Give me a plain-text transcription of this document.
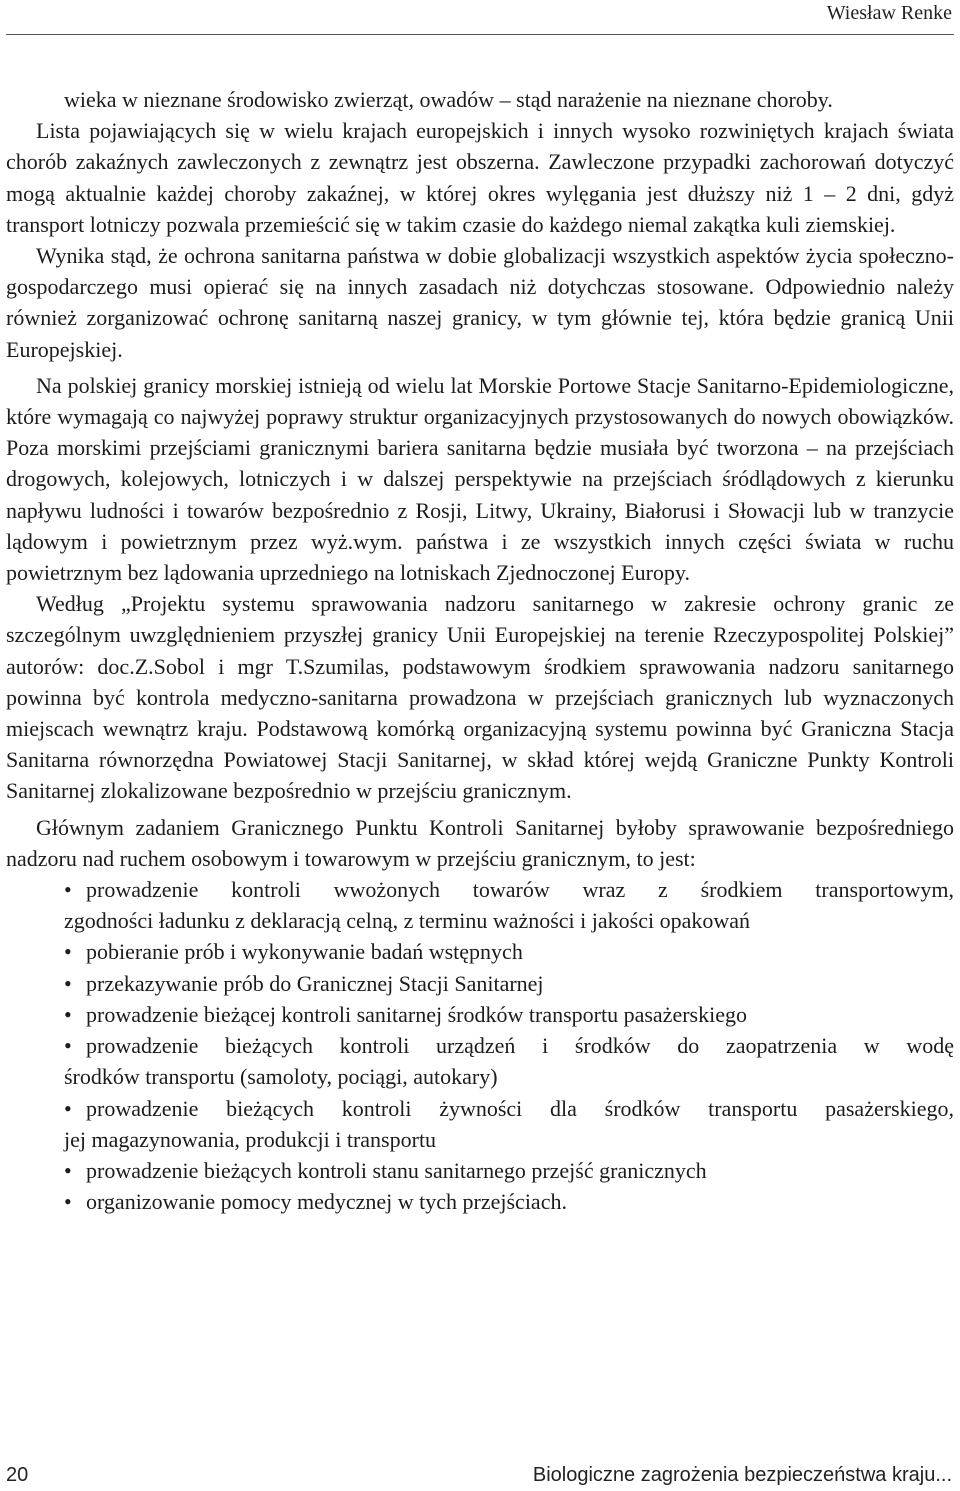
Wiesław Renke

wieka w nieznane środowisko zwierząt, owadów – stąd narażenie na nieznane choroby.

Lista pojawiających się w wielu krajach europejskich i innych wysoko rozwiniętych krajach świata chorób zakaźnych zawleczonych z zewnątrz jest obszerna. Zawleczone przypadki zachorowań dotyczyć mogą aktualnie każdej choroby zakaźnej, w której okres wylęgania jest dłuższy niż 1 – 2 dni, gdyż transport lotniczy pozwala przemieścić się w takim czasie do każdego niemal zakątka kuli ziemskiej.

Wynika stąd, że ochrona sanitarna państwa w dobie globalizacji wszystkich aspektów życia społeczno-gospodarczego musi opierać się na innych zasadach niż dotychczas stosowane. Odpowiednio należy również zorganizować ochronę sanitarną naszej granicy, w tym głównie tej, która będzie granicą Unii Europejskiej.

Na polskiej granicy morskiej istnieją od wielu lat Morskie Portowe Stacje Sanitarno-Epidemiologiczne, które wymagają co najwyżej poprawy struktur organizacyjnych przystosowanych do nowych obowiązków. Poza morskimi przejściami granicznymi bariera sanitarna będzie musiała być tworzona – na przejściach drogowych, kolejowych, lotniczych i w dalszej perspektywie na przejściach śródlądowych z kierunku napływu ludności i towarów bezpośrednio z Rosji, Litwy, Ukrainy, Białorusi i Słowacji lub w tranzycie lądowym i powietrznym przez wyż.wym. państwa i ze wszystkich innych części świata w ruchu powietrznym bez lądowania uprzedniego na lotniskach Zjednoczonej Europy.

Według „Projektu systemu sprawowania nadzoru sanitarnego w zakresie ochrony granic ze szczególnym uwzględnieniem przyszłej granicy Unii Europejskiej na terenie Rzeczypospolitej Polskiej” autorów: doc.Z.Sobol i mgr T.Szumilas, podstawowym środkiem sprawowania nadzoru sanitarnego powinna być kontrola medyczno-sanitarna prowadzona w przejściach granicznych lub wyznaczonych miejscach wewnątrz kraju. Podstawową komórką organizacyjną systemu powinna być Graniczna Stacja Sanitarna równorzędna Powiatowej Stacji Sanitarnej, w skład której wejdą Graniczne Punkty Kontroli Sanitarnej zlokalizowane bezpośrednio w przejściu granicznym.

Głównym zadaniem Granicznego Punktu Kontroli Sanitarnej byłoby sprawowanie bezpośredniego nadzoru nad ruchem osobowym i towarowym w przejściu granicznym, to jest:

• prowadzenie kontroli wwożonych towarów wraz z środkiem transportowym,
zgodności ładunku z deklaracją celną, z terminu ważności i jakości opakowań
• pobieranie prób i wykonywanie badań wstępnych
• przekazywanie prób do Granicznej Stacji Sanitarnej
• prowadzenie bieżącej kontroli sanitarnej środków transportu pasażerskiego
• prowadzenie bieżących kontroli urządzeń i środków do zaopatrzenia w wodę
środków transportu (samoloty, pociągi, autokary)
• prowadzenie bieżących kontroli żywności dla środków transportu pasażerskiego,
jej magazynowania, produkcji i transportu
• prowadzenie bieżących kontroli stanu sanitarnego przejść granicznych
• organizowanie pomocy medycznej w tych przejściach.
20	Biologiczne zagrożenia bezpieczeństwa kraju...
